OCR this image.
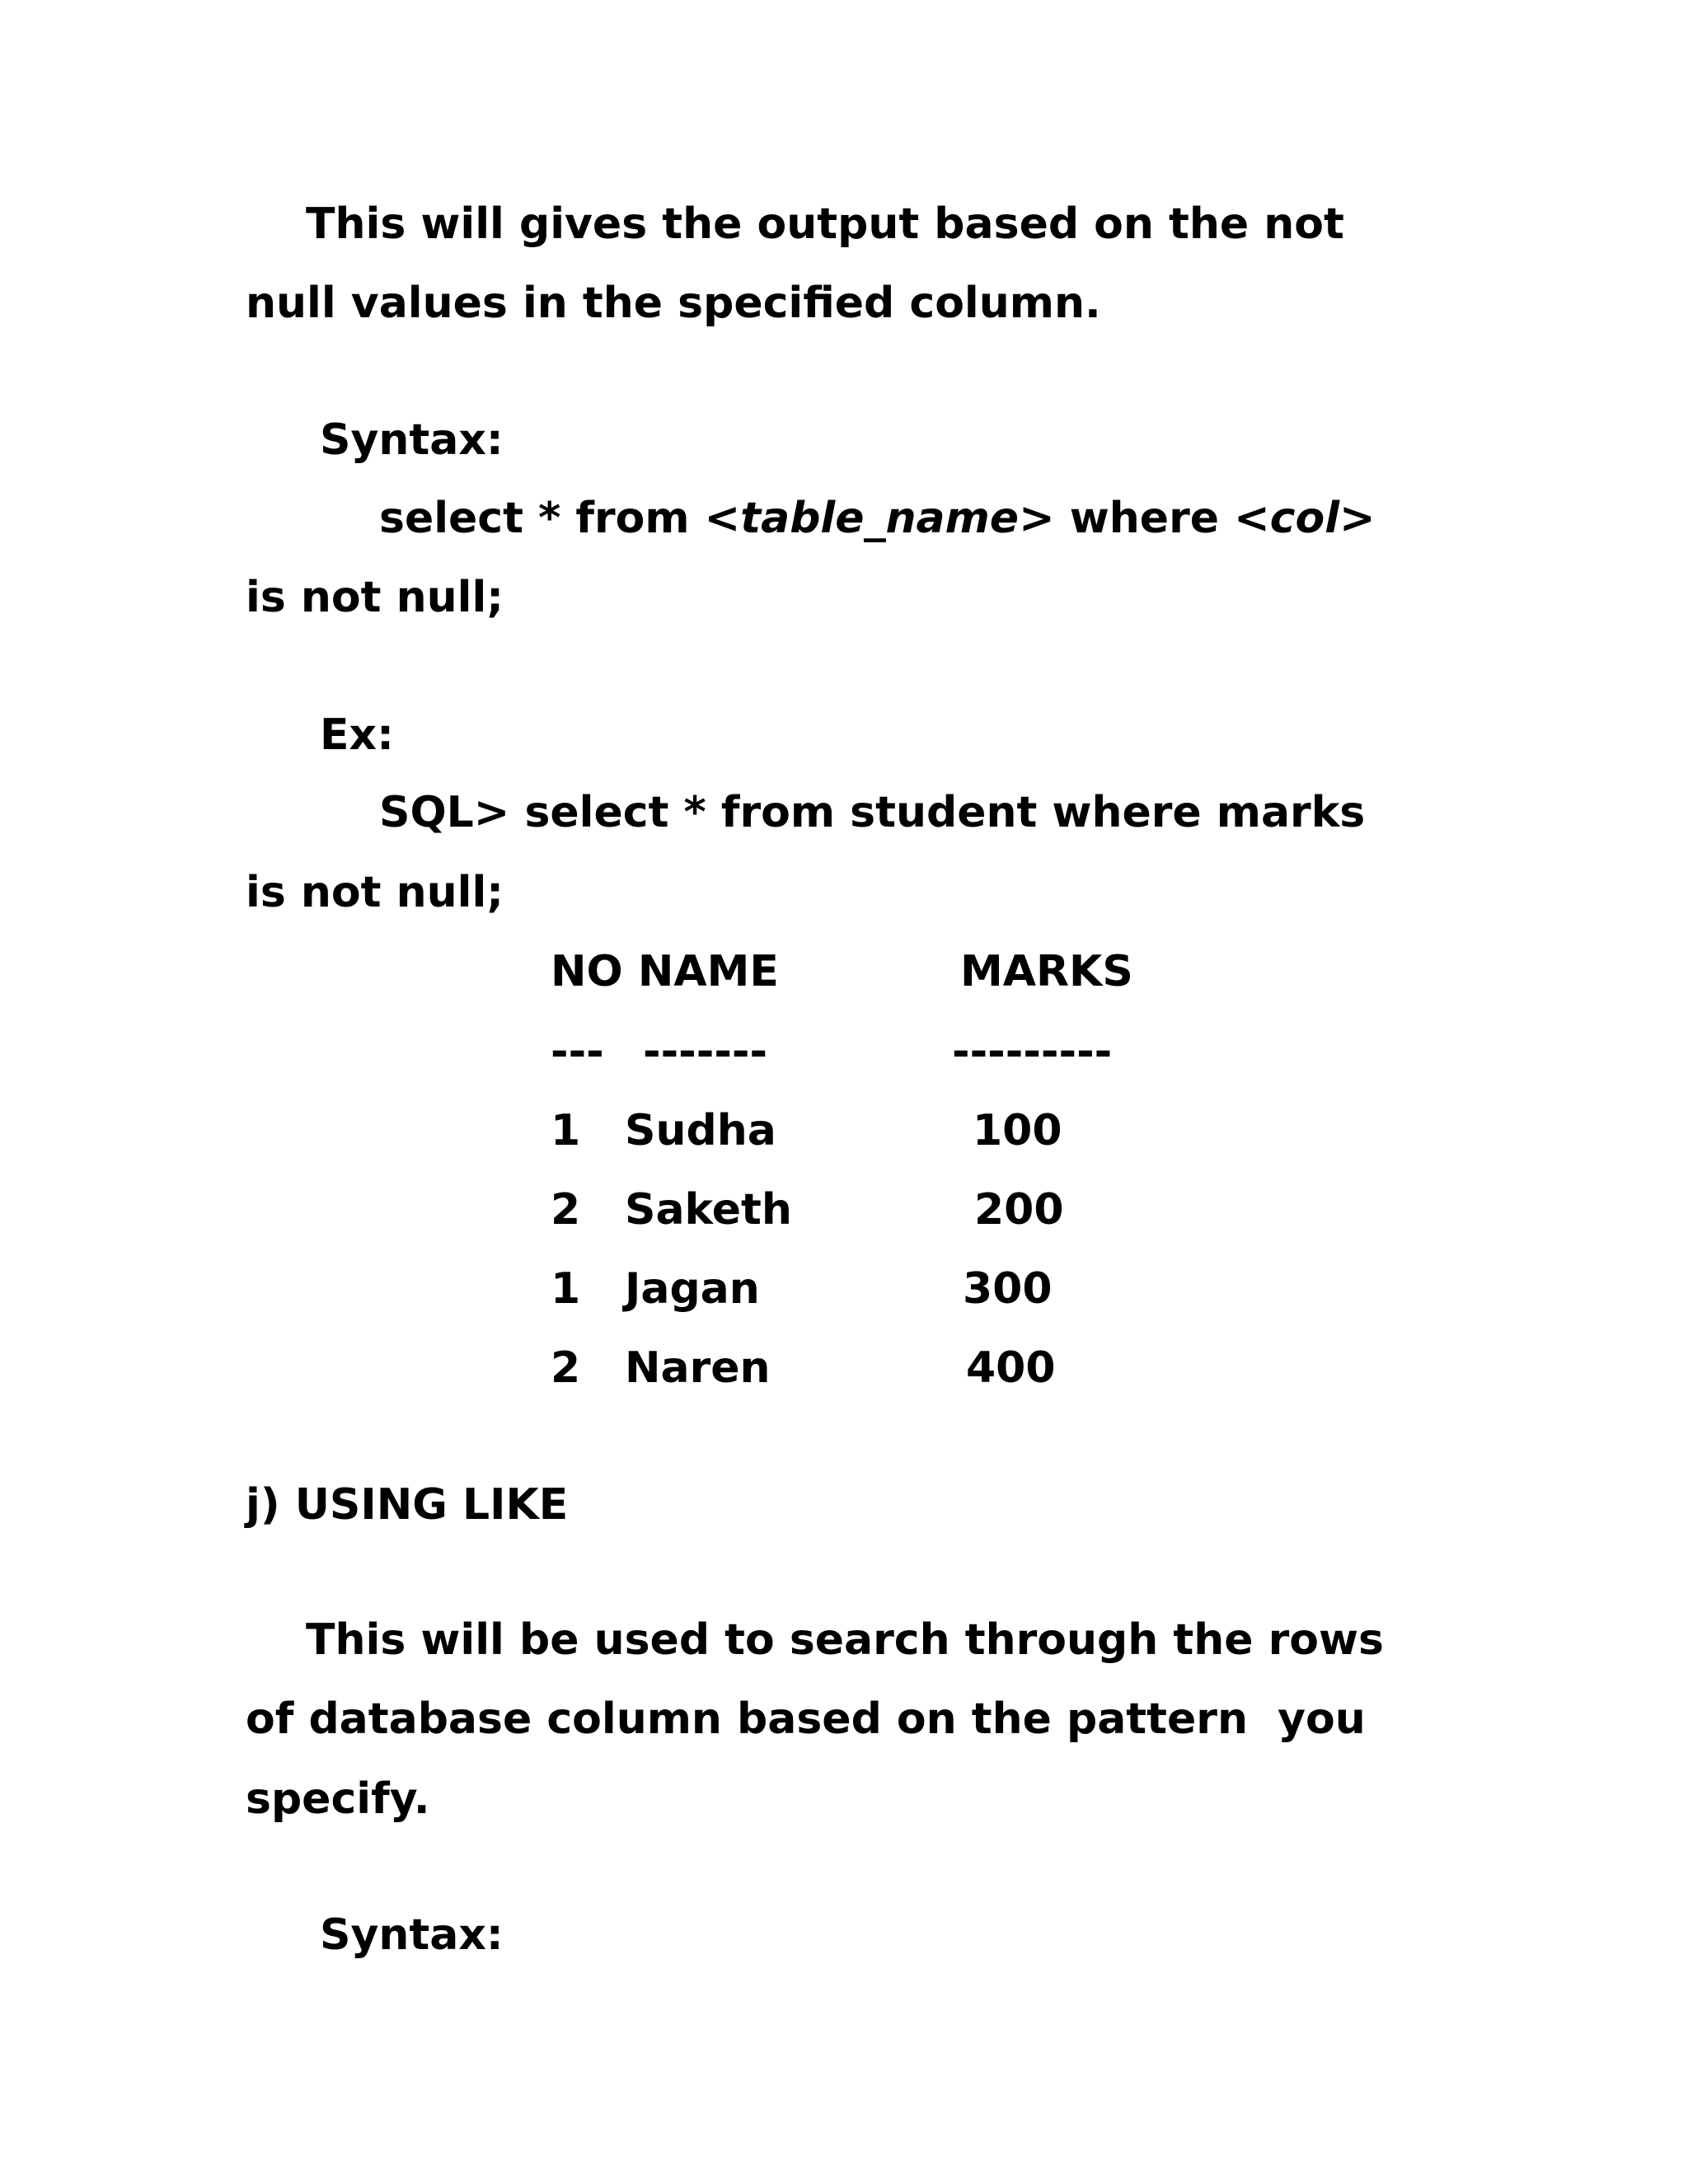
This will gives the output based on the not
null values in the specified column.
Syntax:
select * from <table_name> where <col>
is not null;
Ex:
SQL> select * from student where marks
is not null;
NO NAME	MARKS
--- -------	---------
1 Sudha	100
2 Saketh	200
1 Jagan	300
2 Naren	400
j) USING LIKE
This will be used to search through the rows
of database column based on the pattern  you
specify.
Syntax:
